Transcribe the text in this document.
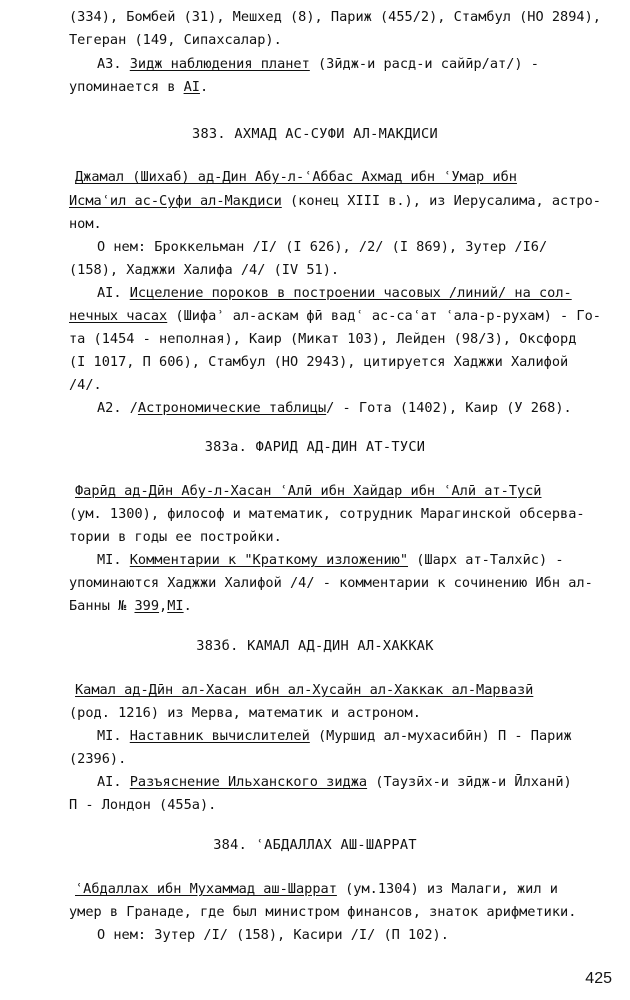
(334), Бомбей (31), Мешхед (8), Париж (455/2), Стамбул (НО 2894),
Тегеран (149, Сипахсалар).
A3. Зидж наблюдения планет (Зӣдж-и расд-и сайӣр/ат/) -
упоминается в AI.
383. АХМАД АС-СУФИ АЛ-МАКДИСИ
Джамал (Шихаб) ад-Дин Абу-л-ʿАббас Ахмад ибн ʿУмар ибн
Исмаʿил ас-Суфи ал-Макдиси (конец XIII в.), из Иерусалима, астро-
ном.
О нем: Броккельман /I/ (I 626), /2/ (I 869), Зутер /I6/
(158), Хаджжи Халифа /4/ (IV 51).
AI. Исцеление пороков в построении часовых /линий/ на сол-
нечных часах (Шифаʾ ал-аскам фӣ вадʿ ас-саʿат ʿала-р-рухам) - Го-
та (1454 - неполная), Каир (Микат 103), Лейден (98/3), Оксфорд
(I 1017, П 606), Стамбул (НО 2943), цитируется Хаджжи Халифой
/4/.
A2. /Астрономические таблицы/ - Гота (1402), Каир (У 268).
383а. ФАРИД АД-ДИН АТ-ТУСИ
Фарӣд ад-Дӣн Абу-л-Хасан ʿАлӣ ибн Хайдар ибн ʿАлӣ ат-Тусӣ
(ум. 1300), философ и математик, сотрудник Марагинской обсерва-
тории в годы ее постройки.
MI. Комментарии к "Краткому изложению" (Шарх ат-Талхӣс) -
упоминаются Хаджжи Халифой /4/ - комментарии к сочинению Ибн ал-
Банны № 399,MI.
383б. КАМАЛ АД-ДИН АЛ-ХАККАК
Камал ад-Дӣн ал-Хасан ибн ал-Хусайн ал-Хаккак ал-Марвазӣ
(род. 1216) из Мерва, математик и астроном.
MI. Наставник вычислителей (Муршид ал-мухасибӣн) П - Париж
(2396).
AI. Разъяснение Ильханского зиджа (Таузӣх-и зӣдж-и Ӣлханӣ)
П - Лондон (455а).
384. ʿАБДАЛЛАХ АШ-ШАРРАТ
ʿАбдаллах ибн Мухаммад аш-Шаррат (ум.1304) из Малаги, жил и
умер в Гранаде, где был министром финансов, знаток арифметики.
О нем: Зутер /I/ (158), Касири /I/ (П 102).
425
